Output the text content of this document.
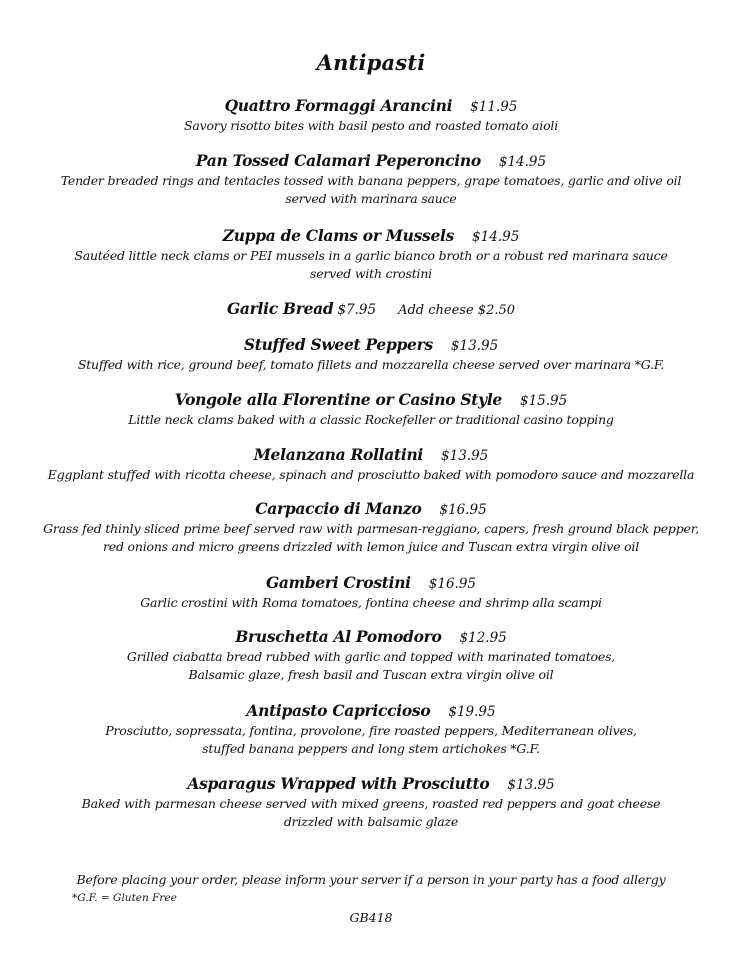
Antipasti
Quattro Formaggi Arancini $11.95
Savory risotto bites with basil pesto and roasted tomato aioli
Pan Tossed Calamari Peperoncino $14.95
Tender breaded rings and tentacles tossed with banana peppers, grape tomatoes, garlic and olive oil
served with marinara sauce
Zuppa de Clams or Mussels $14.95
Sautéed little neck clams or PEI mussels in a garlic bianco broth or a robust red marinara sauce
served with crostini
Garlic Bread $7.95 Add cheese $2.50
Stuffed Sweet Peppers $13.95
Stuffed with rice, ground beef, tomato fillets and mozzarella cheese served over marinara *G.F.
Vongole alla Florentine or Casino Style $15.95
Little neck clams baked with a classic Rockefeller or traditional casino topping
Melanzana Rollatini $13.95
Eggplant stuffed with ricotta cheese, spinach and prosciutto baked with pomodoro sauce and mozzarella
Carpaccio di Manzo $16.95
Grass fed thinly sliced prime beef served raw with parmesan-reggiano, capers, fresh ground black pepper,
red onions and micro greens drizzled with lemon juice and Tuscan extra virgin olive oil
Gamberi Crostini $16.95
Garlic crostini with Roma tomatoes, fontina cheese and shrimp alla scampi
Bruschetta Al Pomodoro $12.95
Grilled ciabatta bread rubbed with garlic and topped with marinated tomatoes,
Balsamic glaze, fresh basil and Tuscan extra virgin olive oil
Antipasto Capriccioso $19.95
Prosciutto, sopressata, fontina, provolone, fire roasted peppers, Mediterranean olives,
stuffed banana peppers and long stem artichokes *G.F.
Asparagus Wrapped with Prosciutto $13.95
Baked with parmesan cheese served with mixed greens, roasted red peppers and goat cheese
drizzled with balsamic glaze
Before placing your order, please inform your server if a person in your party has a food allergy
*G.F. = Gluten Free
GB418
